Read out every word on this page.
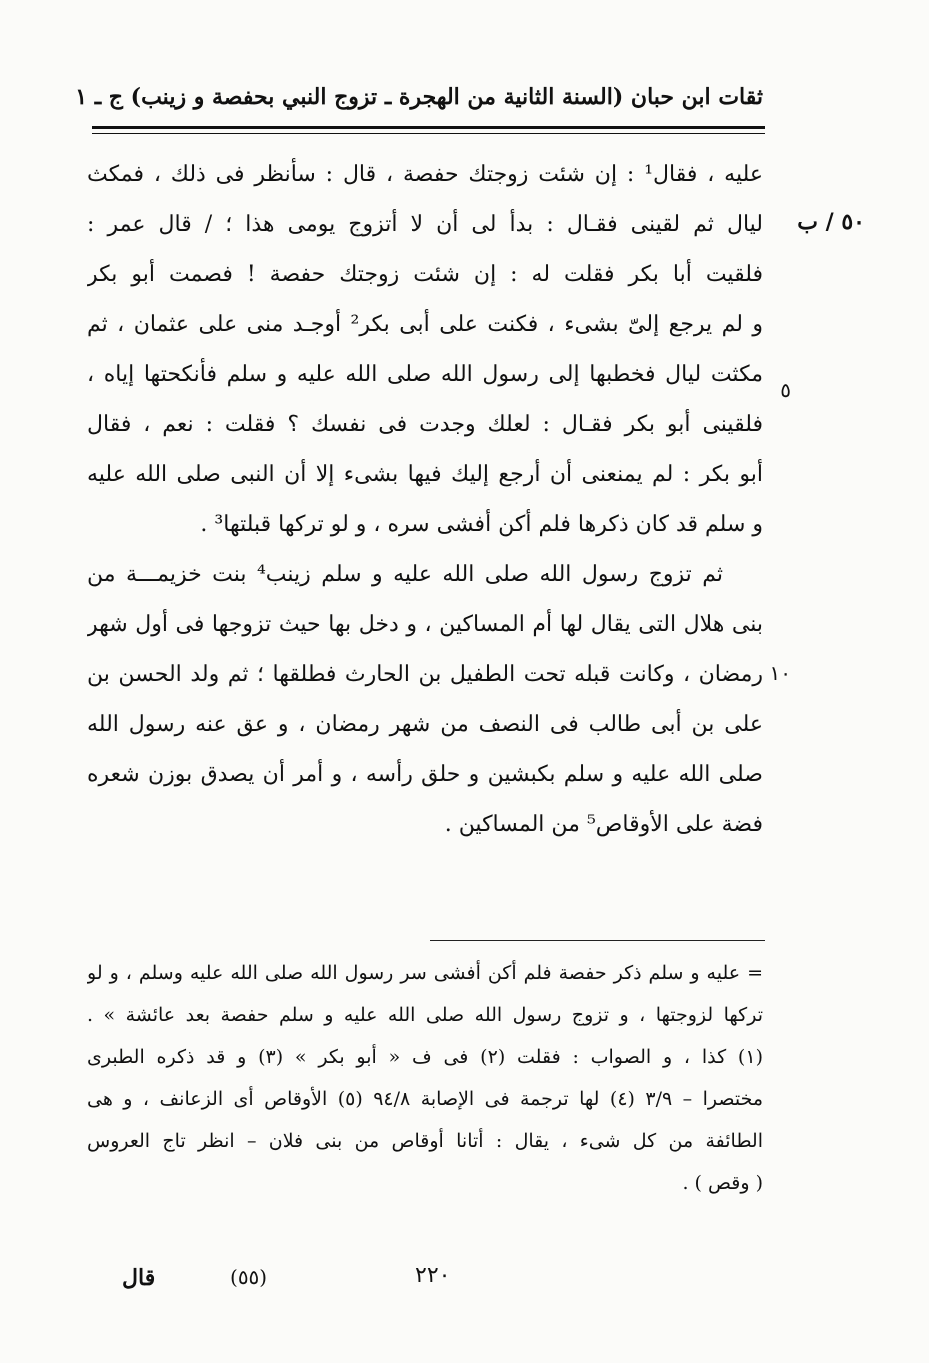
ثقات ابن حبان (السنة الثانية من الهجرة ـ تزوج النبي بحفصة و زينب) ج ـ ١
٥٠ / ب
٥
١٠
عليه ، فقال¹ : إن شئت زوجتك حفصة ، قال : سأنظر فى ذلك ، فمكث
ليال ثم لقينى فقـال : بدأ لى أن لا أتزوج يومى هذا ؛ / قال عمر :
فلقيت أبا بكر فقلت له : إن شئت زوجتك حفصة ! فصمت أبو بكر
و لم يرجع إلىّ بشىء ، فكنت على أبى بكر² أوجـد منى على عثمان ، ثم
مكثت ليال فخطبها إلى رسول الله صلى الله عليه و سلم فأنكحتها إياه ،
فلقينى أبو بكر فقـال : لعلك وجدت فى نفسك ؟ فقلت : نعم ، فقال
أبو بكر : لم يمنعنى أن أرجع إليك فيها بشىء إلا أن النبى صلى الله عليه
و سلم قد كان ذكرها فلم أكن أفشى سره ، و لو تركها قبلتها³ .
ثم تزوج رسول الله صلى الله عليه و سلم زينب⁴ بنت خزيمـــة من
بنى هلال التى يقال لها أم المساكين ، و دخل بها حيث تزوجها فى أول شهر
رمضان ، وكانت قبله تحت الطفيل بن الحارث فطلقها ؛ ثم ولد الحسن بن
على بن أبى طالب فى النصف من شهر رمضان ، و عق عنه رسول الله
صلى الله عليه و سلم بكبشين و حلق رأسه ، و أمر أن يصدق بوزن شعره
فضة على الأوقاص⁵ من المساكين .
= عليه و سلم ذكر حفصة فلم أكن أفشى سر رسول الله صلى الله عليه وسلم ، و لو
تركها لزوجتها ، و تزوج رسول الله صلى الله عليه و سلم حفصة بعد عائشة » .
(١) كذا ، و الصواب : فقلت (٢) فى ف « أبو بكر » (٣) و قد ذكره الطبرى
مختصرا – ٣/٩ (٤) لها ترجمة فى الإصابة ٩٤/٨ (٥) الأوقاص أى الزعانف ، و هى
الطائفة من كل شىء ، يقال : أتانا أوقاص من بنى فلان – انظر تاج العروس
( وقص ) .
قال	(٥٥)	٢٢٠
